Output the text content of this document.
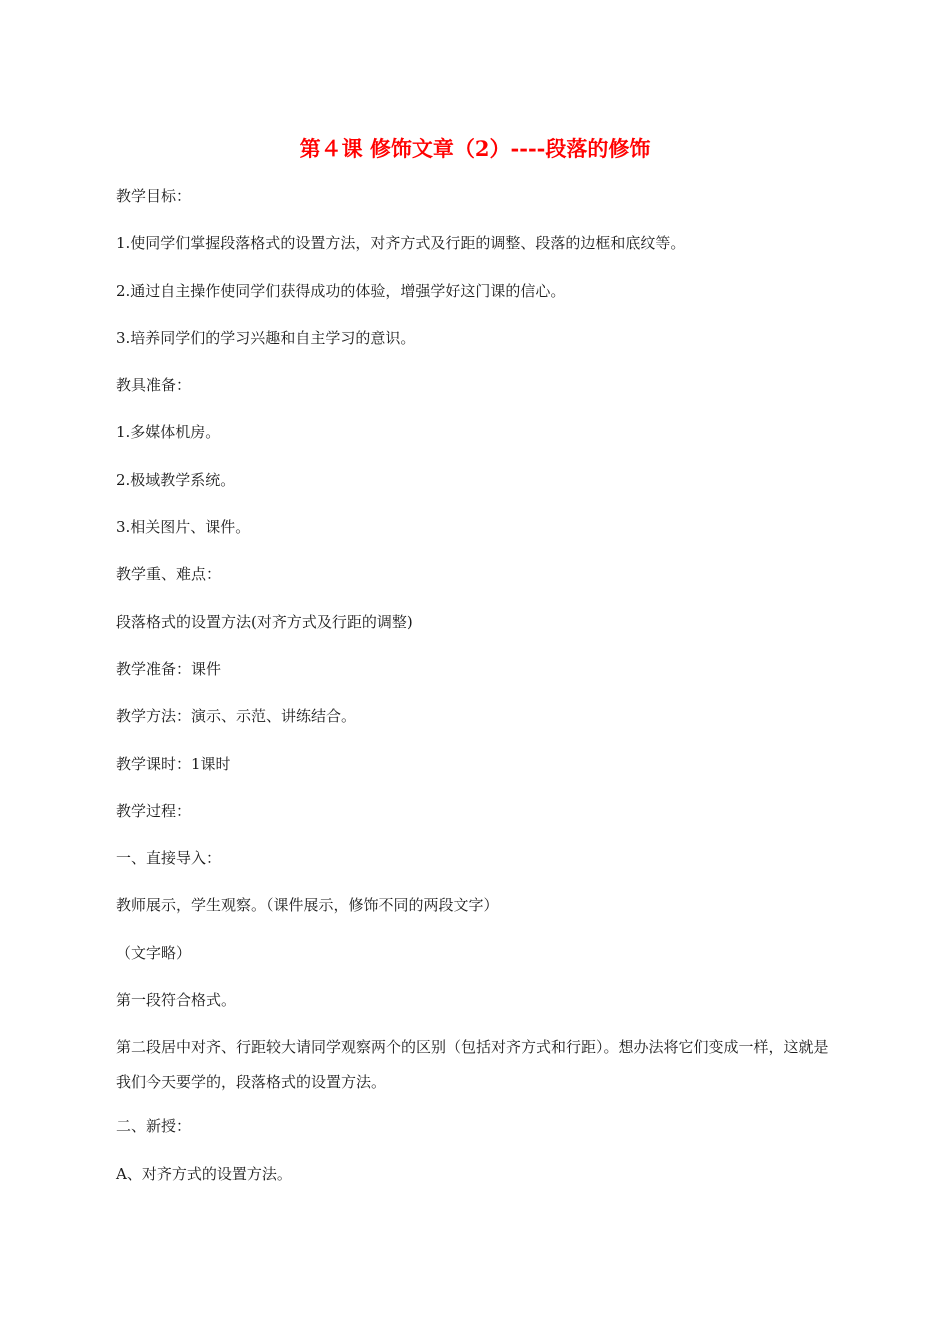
第４课 修饰文章（2）----段落的修饰

教学目标：

1.使同学们掌握段落格式的设置方法，对齐方式及行距的调整、段落的边框和底纹等。

2.通过自主操作使同学们获得成功的体验，增强学好这门课的信心。

3.培养同学们的学习兴趣和自主学习的意识。

教具准备：

1.多媒体机房。

2.极域教学系统。

3.相关图片、课件。

教学重、难点：

段落格式的设置方法(对齐方式及行距的调整)

教学准备：课件

教学方法：演示、示范、讲练结合。

教学课时：1课时

教学过程：

一、直接导入：

教师展示，学生观察。（课件展示，修饰不同的两段文字）

（文字略）

第一段符合格式。

第二段居中对齐、行距较大请同学观察两个的区别（包括对齐方式和行距）。想办法将它们变成一样，这就是我们今天要学的，段落格式的设置方法。

二、新授：

A、对齐方式的设置方法。
